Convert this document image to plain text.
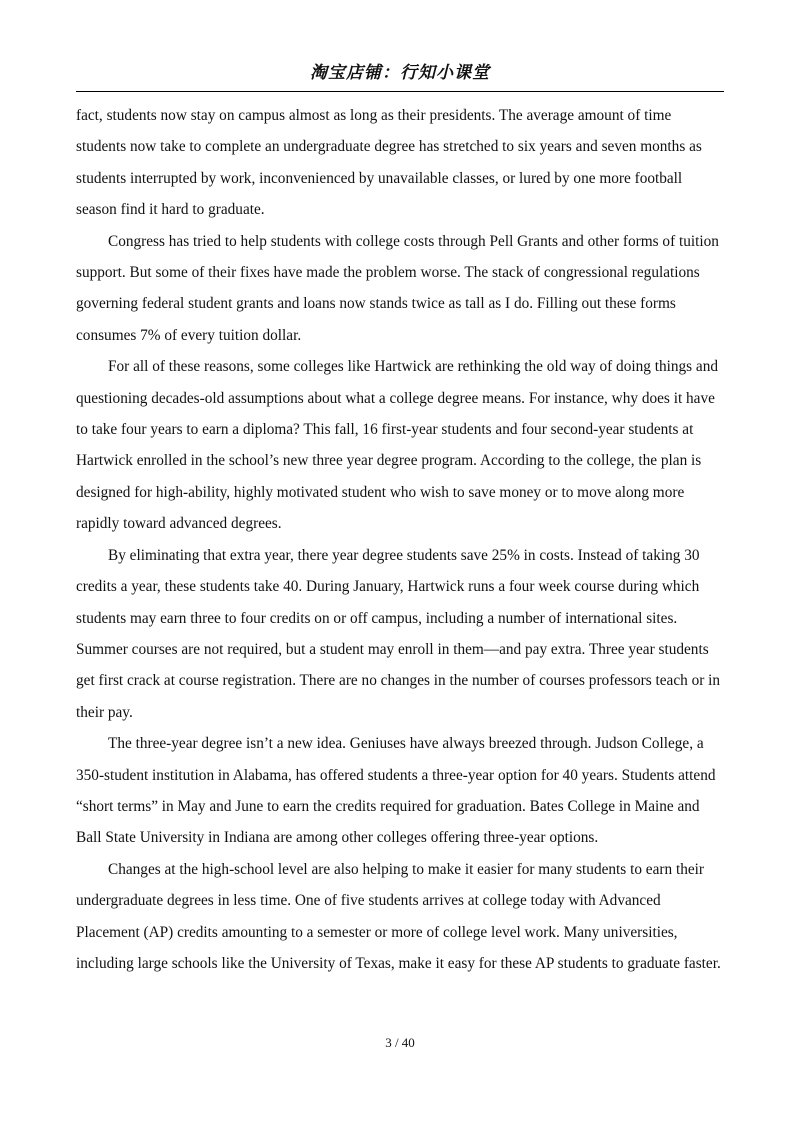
淘宝店铺：行知小课堂

fact, students now stay on campus almost as long as their presidents. The average amount of time students now take to complete an undergraduate degree has stretched to six years and seven months as students interrupted by work, inconvenienced by unavailable classes, or lured by one more football season find it hard to graduate.

Congress has tried to help students with college costs through Pell Grants and other forms of tuition support. But some of their fixes have made the problem worse. The stack of congressional regulations governing federal student grants and loans now stands twice as tall as I do. Filling out these forms consumes 7% of every tuition dollar.

For all of these reasons, some colleges like Hartwick are rethinking the old way of doing things and questioning decades-old assumptions about what a college degree means. For instance, why does it have to take four years to earn a diploma? This fall, 16 first-year students and four second-year students at Hartwick enrolled in the school’s new three year degree program. According to the college, the plan is designed for high-ability, highly motivated student who wish to save money or to move along more rapidly toward advanced degrees.

By eliminating that extra year, there year degree students save 25% in costs. Instead of taking 30 credits a year, these students take 40. During January, Hartwick runs a four week course during which students may earn three to four credits on or off campus, including a number of international sites. Summer courses are not required, but a student may enroll in them—and pay extra. Three year students get first crack at course registration. There are no changes in the number of courses professors teach or in their pay.

The three-year degree isn’t a new idea. Geniuses have always breezed through. Judson College, a 350-student institution in Alabama, has offered students a three-year option for 40 years. Students attend “short terms” in May and June to earn the credits required for graduation. Bates College in Maine and Ball State University in Indiana are among other colleges offering three-year options.

Changes at the high-school level are also helping to make it easier for many students to earn their undergraduate degrees in less time. One of five students arrives at college today with Advanced Placement (AP) credits amounting to a semester or more of college level work. Many universities, including large schools like the University of Texas, make it easy for these AP students to graduate faster.

3 / 40
